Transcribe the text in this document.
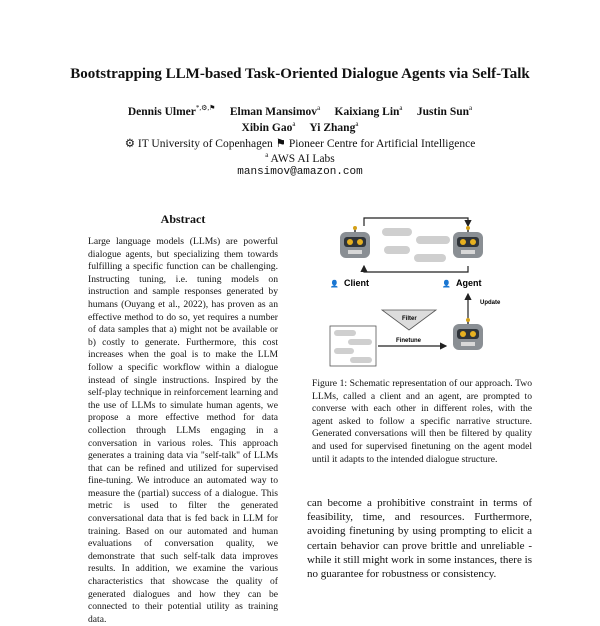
Bootstrapping LLM-based Task-Oriented Dialogue Agents via Self-Talk
Dennis Ulmer*,⚙,⚑ Elman Mansimov$^a$ Kaixiang Lin$^a$ Justin Sun$^a$
Xibin Gao$^a$ Yi Zhang$^a$
⚙ IT University of Copenhagen ⚑ Pioneer Centre for Artificial Intelligence
$^a$ AWS AI Labs
mansimov@amazon.com
Abstract
Large language models (LLMs) are powerful dialogue agents, but specializing them towards fulfilling a specific function can be challenging. Instructing tuning, i.e. tuning models on instruction and sample responses generated by humans (Ouyang et al., 2022), has proven as an effective method to do so, yet requires a number of data samples that a) might not be available or b) costly to generate. Furthermore, this cost increases when the goal is to make the LLM follow a specific workflow within a dialogue instead of single instructions. Inspired by the self-play technique in reinforcement learning and the use of LLMs to simulate human agents, we propose a more effective method for data collection through LLMs engaging in a conversation in various roles. This approach generates a training data via "self-talk" of LLMs that can be refined and utilized for supervised fine-tuning. We introduce an automated way to measure the (partial) success of a dialogue. This metric is used to filter the generated conversational data that is fed back in LLM for training. Based on our automated and human evaluations of conversation quality, we demonstrate that such self-talk data improves results. In addition, we examine the various characteristics that showcase the quality of generated dialogues and how they can be connected to their potential utility as training data.
👤 Client	👤 Agent
Update
Filter
Finetune
Figure 1: Schematic representation of our approach. Two LLMs, called a client and an agent, are prompted to converse with each other in different roles, with the agent asked to follow a specific narrative structure. Generated conversations will then be filtered by quality and used for supervised finetuning on the agent model until it adapts to the intended dialogue structure.
can become a prohibitive constraint in terms of feasibility, time, and resources. Furthermore, avoiding finetuning by using prompting to elicit a certain behavior can prove brittle and unreliable - while it still might work in some instances, there is no guarantee for robustness or consistency.
